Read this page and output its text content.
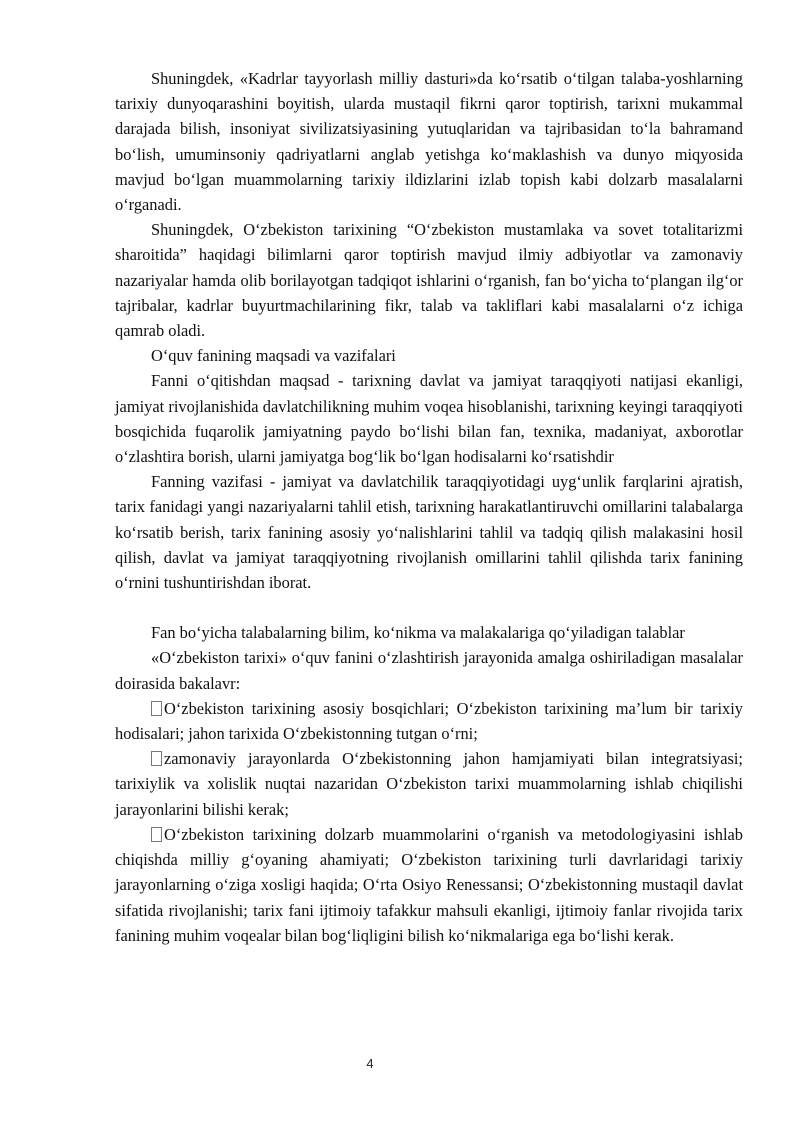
Shuningdek, «Kadrlar tayyorlash milliy dasturi»da ko‘rsatib o‘tilgan talaba-yoshlarning tarixiy dunyoqarashini boyitish, ularda mustaqil fikrni qaror toptirish, tarixni mukammal darajada bilish, insoniyat sivilizatsiyasining yutuqlaridan va tajribasidan to‘la bahramand bo‘lish, umuminsoniy qadriyatlarni anglab yetishga ko‘maklashish va dunyo miqyosida mavjud bo‘lgan muammolarning tarixiy ildizlarini izlab topish kabi dolzarb masalalarni o‘rganadi.

Shuningdek, O‘zbekiston tarixining “O‘zbekiston mustamlaka va sovet totalitarizmi sharoitida” haqidagi bilimlarni qaror toptirish mavjud ilmiy adbiyotlar va zamonaviy nazariyalar hamda olib borilayotgan tadqiqot ishlarini o‘rganish, fan bo‘yicha to‘plangan ilg‘or tajribalar, kadrlar buyurtmachilarining fikr, talab va takliflari kabi masalalarni o‘z ichiga qamrab oladi.

O‘quv fanining maqsadi va vazifalari

Fanni o‘qitishdan maqsad - tarixning davlat va jamiyat taraqqiyoti natijasi ekanligi, jamiyat rivojlanishida davlatchilikning muhim voqea hisoblanishi, tarixning keyingi taraqqiyoti bosqichida fuqarolik jamiyatning paydo bo‘lishi bilan fan, texnika, madaniyat, axborotlar o‘zlashtira borish, ularni jamiyatga bog‘lik bo‘lgan hodisalarni ko‘rsatishdir

Fanning vazifasi - jamiyat va davlatchilik taraqqiyotidagi uyg‘unlik farqlarini ajratish, tarix fanidagi yangi nazariyalarni tahlil etish, tarixning harakatlantiruvchi omillarini talabalarga ko‘rsatib berish, tarix fanining asosiy yo‘nalishlarini tahlil va tadqiq qilish malakasini hosil qilish, davlat va jamiyat taraqqiyotning rivojlanish omillarini tahlil qilishda tarix fanining o‘rnini tushuntirishdan iborat.

Fan bo‘yicha talabalarning bilim, ko‘nikma va malakalariga qo‘yiladigan talablar

«O‘zbekiston tarixi» o‘quv fanini o‘zlashtirish jarayonida amalga oshiriladigan masalalar doirasida bakalavr:

O‘zbekiston tarixining asosiy bosqichlari; O‘zbekiston tarixining ma’lum bir tarixiy hodisalari; jahon tarixida O‘zbekistonning tutgan o‘rni;

zamonaviy jarayonlarda O‘zbekistonning jahon hamjamiyati bilan integratsiyasi; tarixiylik va xolislik nuqtai nazaridan O‘zbekiston tarixi muammolarning ishlab chiqilishi jarayonlarini bilishi kerak;

O‘zbekiston tarixining dolzarb muammolarini o‘rganish va metodologiyasini ishlab chiqishda milliy g‘oyaning ahamiyati; O‘zbekiston tarixining turli davrlaridagi tarixiy jarayonlarning o‘ziga xosligi haqida; O‘rta Osiyo Renessansi; O‘zbekistonning mustaqil davlat sifatida rivojlanishi; tarix fani ijtimoiy tafakkur mahsuli ekanligi, ijtimoiy fanlar rivojida tarix fanining muhim voqealar bilan bog‘liqligini bilish ko‘nikmalariga ega bo‘lishi kerak.

4
